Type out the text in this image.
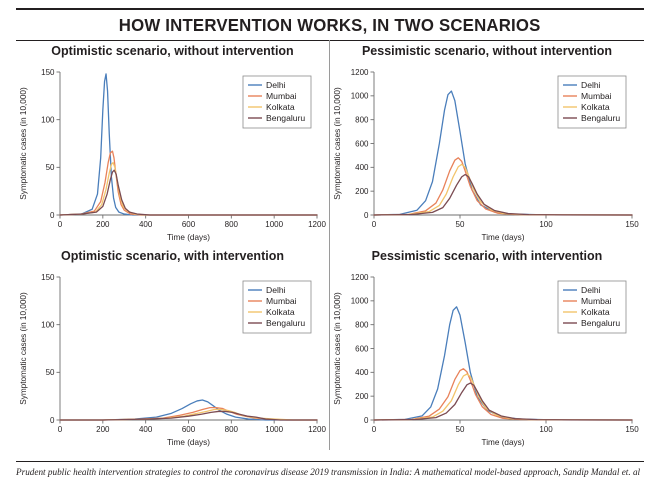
HOW INTERVENTION WORKS, IN TWO SCENARIOS
Optimistic scenario, without intervention
0	200	400	600	800	1000	1200
0
50
100
150
Time (days)
Symptomatic cases (in 10,000)
Delhi
Mumbai
Kolkata
Bengaluru
Pessimistic scenario, without intervention
0	50	100	150
0
200
400
600
800
1000
1200
Time (days)
Symptomatic cases (in 10,000)
Delhi
Mumbai
Kolkata
Bengaluru
Optimistic scenario, with intervention
0	200	400	600	800	1000	1200
0
50
100
150
Time (days)
Symptomatic cases (in 10,000)
Delhi
Mumbai
Kolkata
Bengaluru
Pessimistic scenario, with intervention
0	50	100	150
0
200
400
600
800
1000
1200
Time (days)
Symptomatic cases (in 10,000)
Delhi
Mumbai
Kolkata
Bengaluru
Prudent public health intervention strategies to control the coronavirus disease 2019 transmission in India: A mathematical model-based approach, Sandip Mandal et. al
